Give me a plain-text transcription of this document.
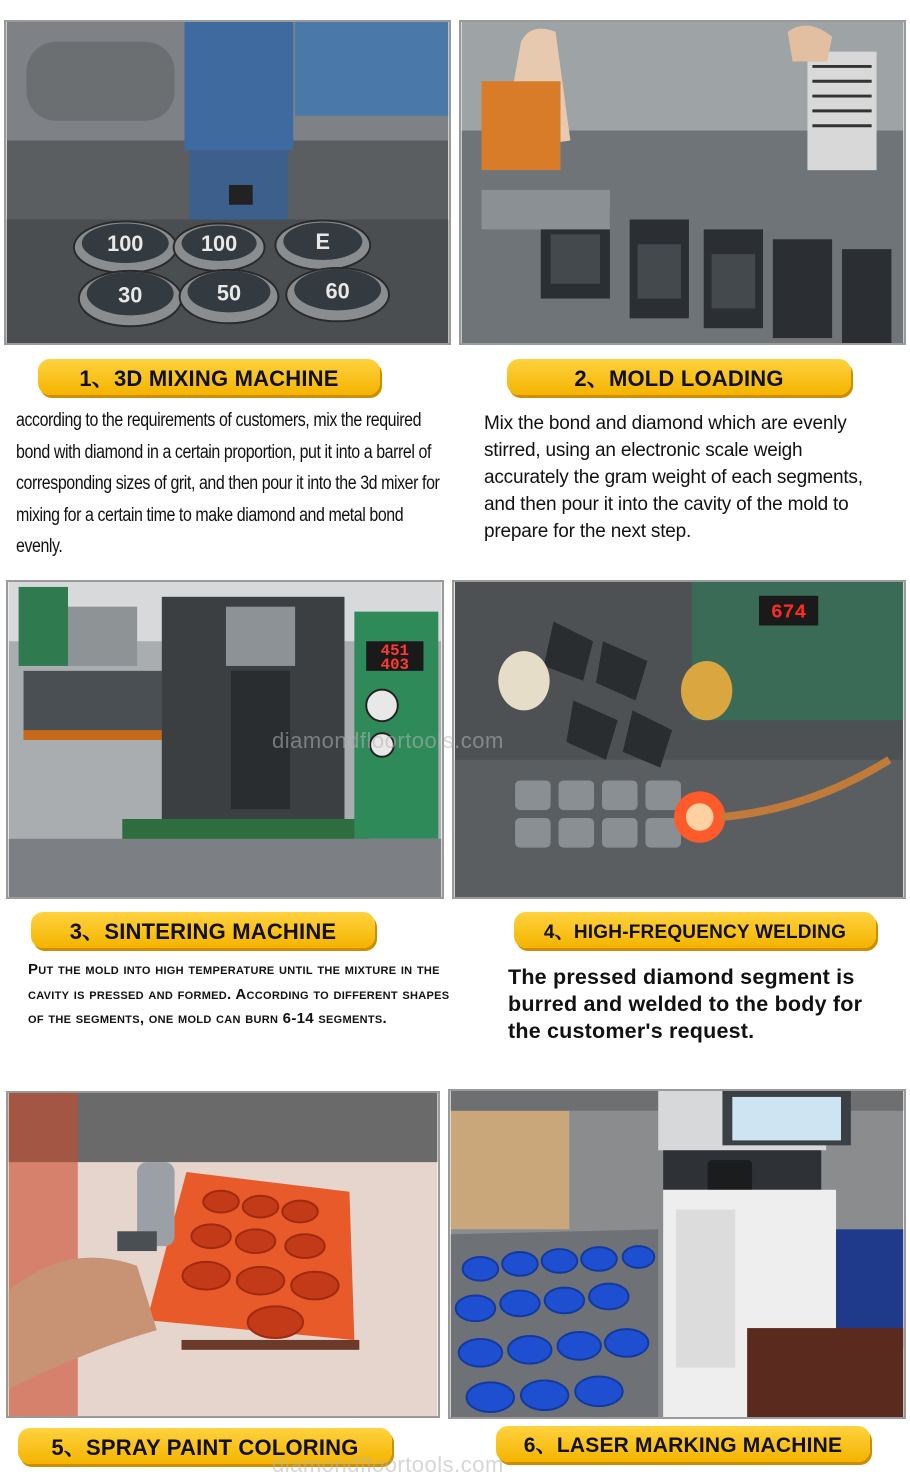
100	100	E
30	50	60
1、3D MIXING MACHINE	2、MOLD LOADING
according to the requirements of customers, mix the required bond with diamond in a certain proportion, put it into a barrel of corresponding sizes of grit, and then pour it into the 3d mixer for mixing for a certain time to make diamond and metal bond evenly.
Mix the bond and diamond which are evenly stirred, using an electronic scale weigh accurately the gram weight of each segments, and then pour it into the cavity of the mold to prepare for the next step.
451
403
674
3、SINTERING MACHINE	4、HIGH-FREQUENCY WELDING
Put the mold into high temperature until the mixture in the cavity is pressed and formed. According to different shapes of the segments, one mold can burn 6-14 segments.
The pressed diamond segment is burred and welded to the body for the customer's request.
5、SPRAY PAINT COLORING	6、LASER MARKING MACHINE
diamondfloortools.com
diamondfloortools.com
